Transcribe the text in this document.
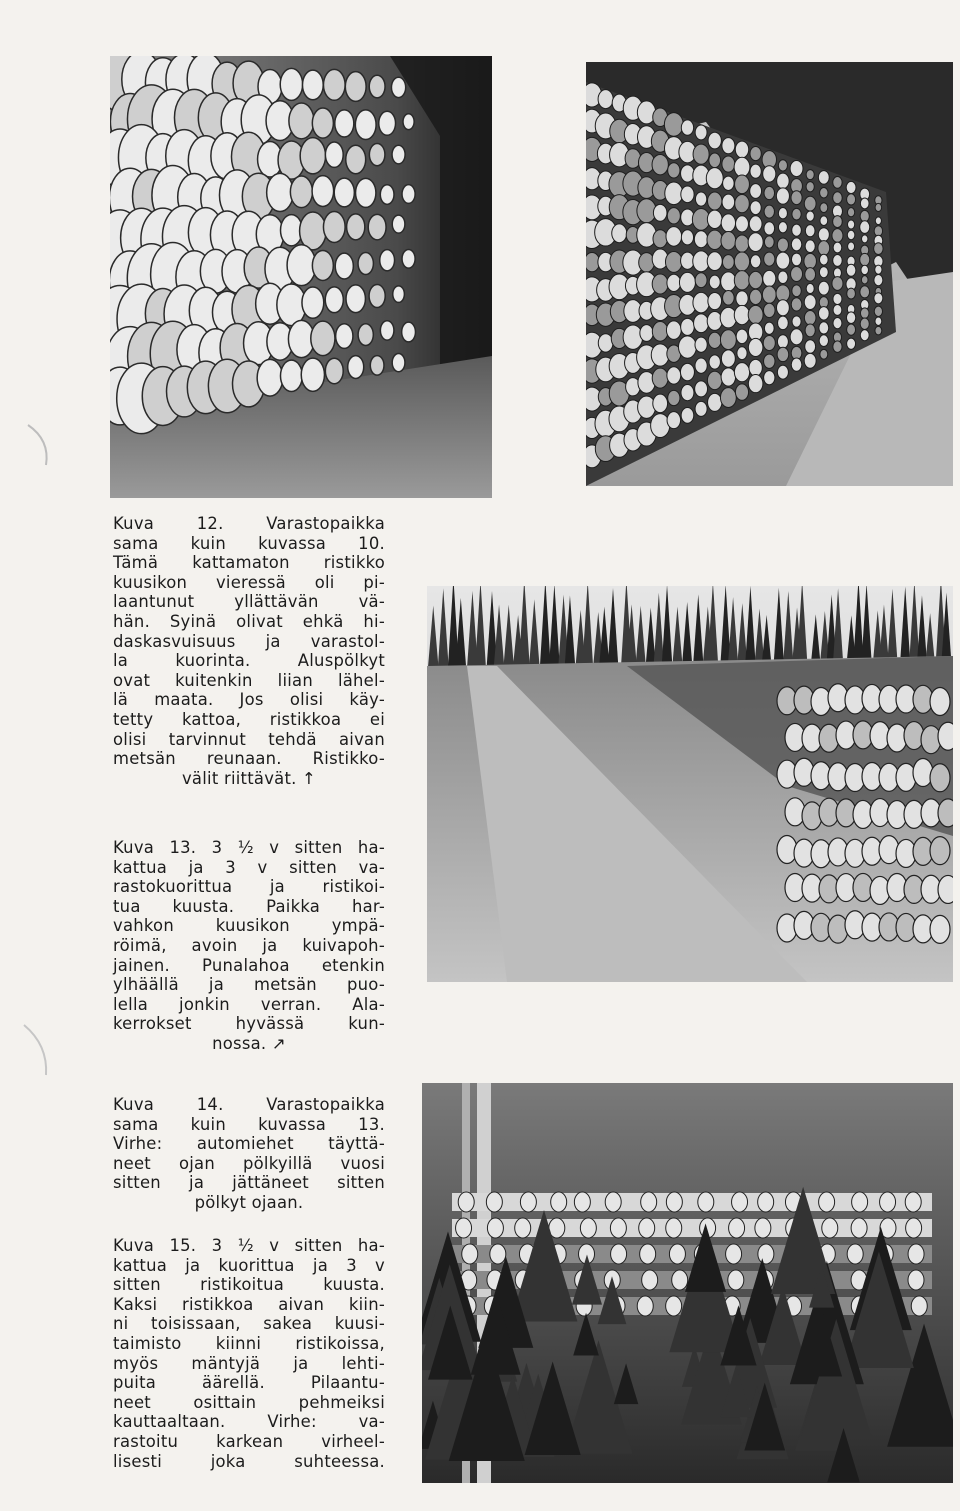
Kuva 12. Varastopaikka
sama kuin kuvassa 10.
Tämä kattamaton ristikko
kuusikon vieressä oli pi-
laantunut yllättävän vä-
hän. Syinä olivat ehkä hi-
daskasvuisuus ja varastol-
la kuorinta. Aluspölkyt
ovat kuitenkin liian lähel-
lä maata. Jos olisi käy-
tetty kattoa, ristikkoa ei
olisi tarvinnut tehdä aivan
metsän reunaan. Ristikko-
välit riittävät. ↑

Kuva 13. 3 ½ v sitten ha-
kattua ja 3 v sitten va-
rastokuorittua ja ristikoi-
tua kuusta. Paikka har-
vahkon kuusikon ympä-
röimä, avoin ja kuivapoh-
jainen. Punalahoa etenkin
ylhäällä ja metsän puo-
lella jonkin verran. Ala-
kerrokset hyvässä kun-
nossa. ↗

Kuva 14. Varastopaikka
sama kuin kuvassa 13.
Virhe: automiehet täyttä-
neet ojan pölkyillä vuosi
sitten ja jättäneet sitten
pölkyt ojaan.

Kuva 15. 3 ½ v sitten ha-
kattua ja kuorittua ja 3 v
sitten ristikoitua kuusta.
Kaksi ristikkoa aivan kiin-
ni toisissaan, sakea kuusi-
taimisto kiinni ristikoissa,
myös mäntyjä ja lehti-
puita äärellä. Pilaantu-
neet osittain pehmeiksi
kauttaaltaan. Virhe: va-
rastoitu karkean virheel-
lisesti joka suhteessa.
